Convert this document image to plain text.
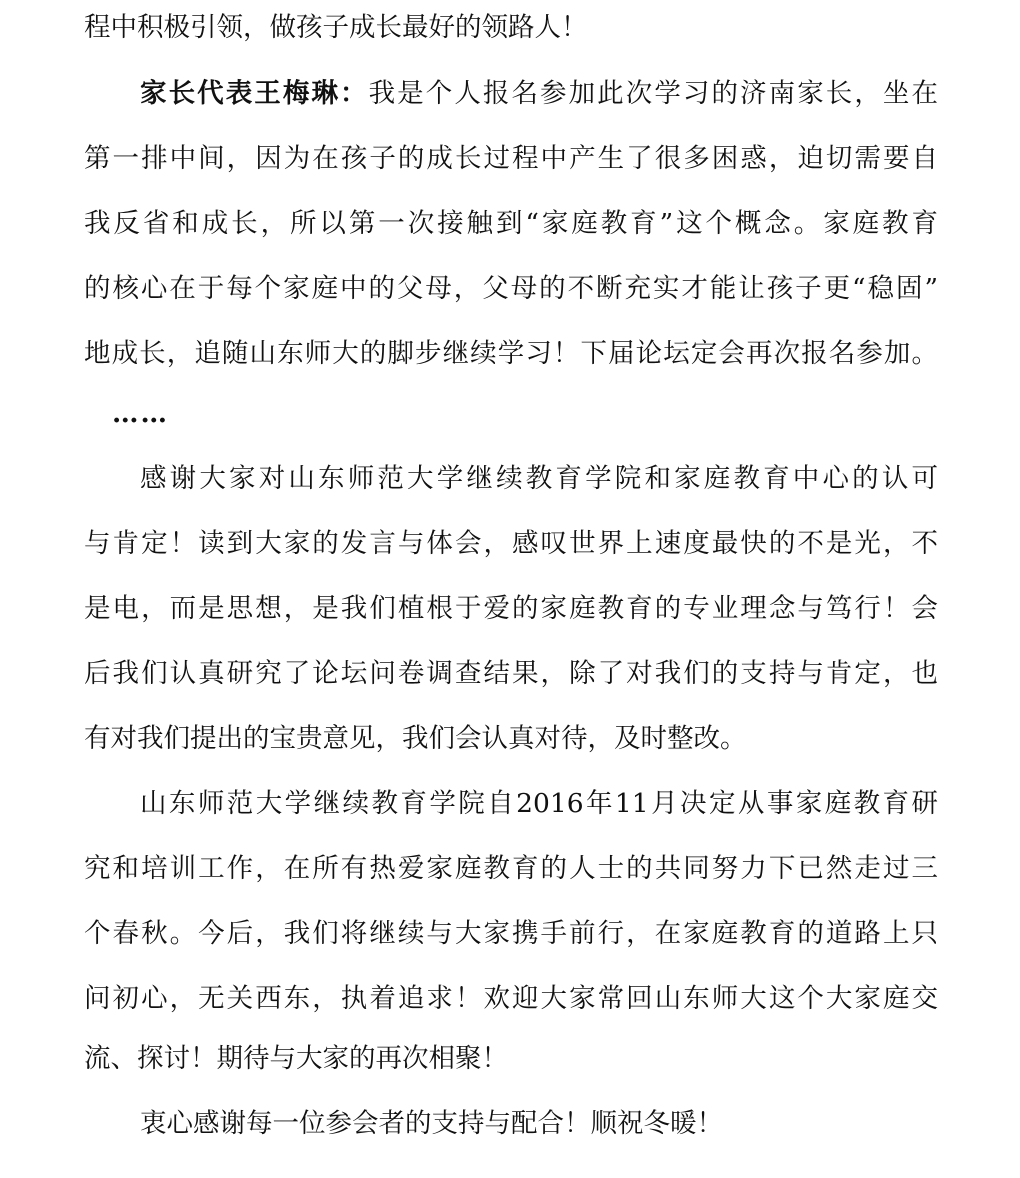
程中积极引领，做孩子成长最好的领路人！
家长代表王梅琳：我是个人报名参加此次学习的济南家长，坐在
第一排中间，因为在孩子的成长过程中产生了很多困惑，迫切需要自
我反省和成长，所以第一次接触到“家庭教育”这个概念。家庭教育
的核心在于每个家庭中的父母，父母的不断充实才能让孩子更“稳固”
地成长，追随山东师大的脚步继续学习！下届论坛定会再次报名参加。
……
感谢大家对山东师范大学继续教育学院和家庭教育中心的认可
与肯定！读到大家的发言与体会，感叹世界上速度最快的不是光，不
是电，而是思想，是我们植根于爱的家庭教育的专业理念与笃行！会
后我们认真研究了论坛问卷调查结果，除了对我们的支持与肯定，也
有对我们提出的宝贵意见，我们会认真对待，及时整改。
山东师范大学继续教育学院自2016年11月决定从事家庭教育研
究和培训工作，在所有热爱家庭教育的人士的共同努力下已然走过三
个春秋。今后，我们将继续与大家携手前行，在家庭教育的道路上只
问初心，无关西东，执着追求！欢迎大家常回山东师大这个大家庭交
流、探讨！期待与大家的再次相聚！
衷心感谢每一位参会者的支持与配合！顺祝冬暖！
